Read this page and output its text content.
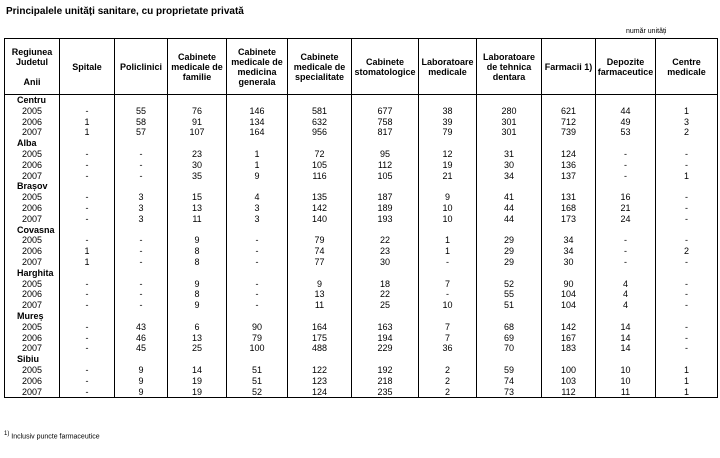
Principalele unități sanitare, cu proprietate privată
număr unități
Regiunea
Judetul

Anii	Spitale	Policlinici	Cabinete medicale de familie	Cabinete medicale de medicina generala	Cabinete medicale de specialitate	Cabinete stomatologice	Laboratoare medicale	Laboratoare de tehnica dentara	Farmacii 1)	Depozite farmaceutice	Centre medicale
Centru											
2005	-	55	76	146	581	677	38	280	621	44	1
2006	1	58	91	134	632	758	39	301	712	49	3
2007	1	57	107	164	956	817	79	301	739	53	2
Alba											
2005	-	-	23	1	72	95	12	31	124	-	-
2006	-	-	30	1	105	112	19	30	136	-	-
2007	-	-	35	9	116	105	21	34	137	-	1
Brașov											
2005	-	3	15	4	135	187	9	41	131	16	-
2006	-	3	13	3	142	189	10	44	168	21	-
2007	-	3	11	3	140	193	10	44	173	24	-
Covasna											
2005	-	-	9	-	79	22	1	29	34	-	-
2006	1	-	8	-	74	23	1	29	34	-	2
2007	1	-	8	-	77	30	-	29	30	-	-
Harghita											
2005	-	-	9	-	9	18	7	52	90	4	-
2006	-	-	8	-	13	22	-	55	104	4	-
2007	-	-	9	-	11	25	10	51	104	4	-
Mureș											
2005	-	43	6	90	164	163	7	68	142	14	-
2006	-	46	13	79	175	194	7	69	167	14	-
2007	-	45	25	100	488	229	36	70	183	14	-
Sibiu											
2005	-	9	14	51	122	192	2	59	100	10	1
2006	-	9	19	51	123	218	2	74	103	10	1
2007	-	9	19	52	124	235	2	73	112	11	1
$^{1)}$ Inclusiv puncte farmaceutice
